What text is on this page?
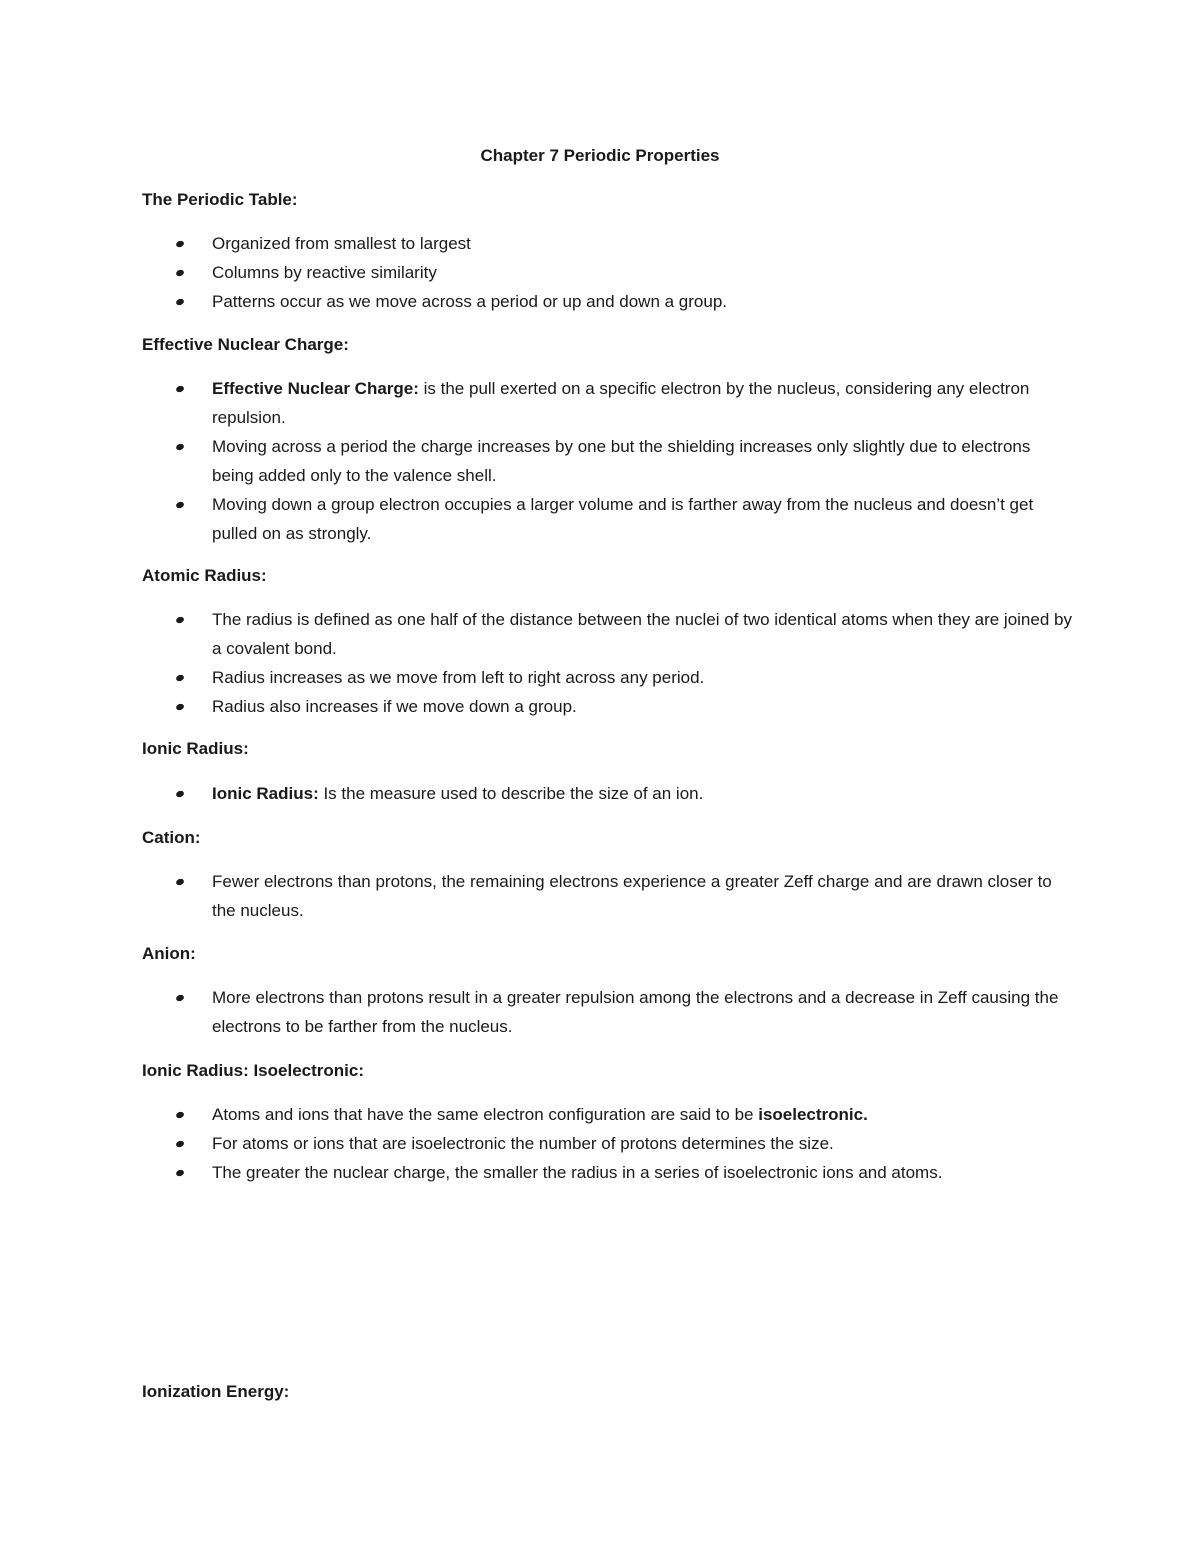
Chapter 7 Periodic Properties
The Periodic Table:
Organized from smallest to largest
Columns by reactive similarity
Patterns occur as we move across a period or up and down a group.
Effective Nuclear Charge:
Effective Nuclear Charge: is the pull exerted on a specific electron by the nucleus, considering any electron repulsion.
Moving across a period the charge increases by one but the shielding increases only slightly due to electrons being added only to the valence shell.
Moving down a group electron occupies a larger volume and is farther away from the nucleus and doesn’t get pulled on as strongly.
Atomic Radius:
The radius is defined as one half of the distance between the nuclei of two identical atoms when they are joined by a covalent bond.
Radius increases as we move from left to right across any period.
Radius also increases if we move down a group.
Ionic Radius:
Ionic Radius: Is the measure used to describe the size of an ion.
Cation:
Fewer electrons than protons, the remaining electrons experience a greater Zeff charge and are drawn closer to the nucleus.
Anion:
More electrons than protons result in a greater repulsion among the electrons and a decrease in Zeff causing the electrons to be farther from the nucleus.
Ionic Radius: Isoelectronic:
Atoms and ions that have the same electron configuration are said to be isoelectronic.
For atoms or ions that are isoelectronic the number of protons determines the size.
The greater the nuclear charge, the smaller the radius in a series of isoelectronic ions and atoms.
Ionization Energy:
